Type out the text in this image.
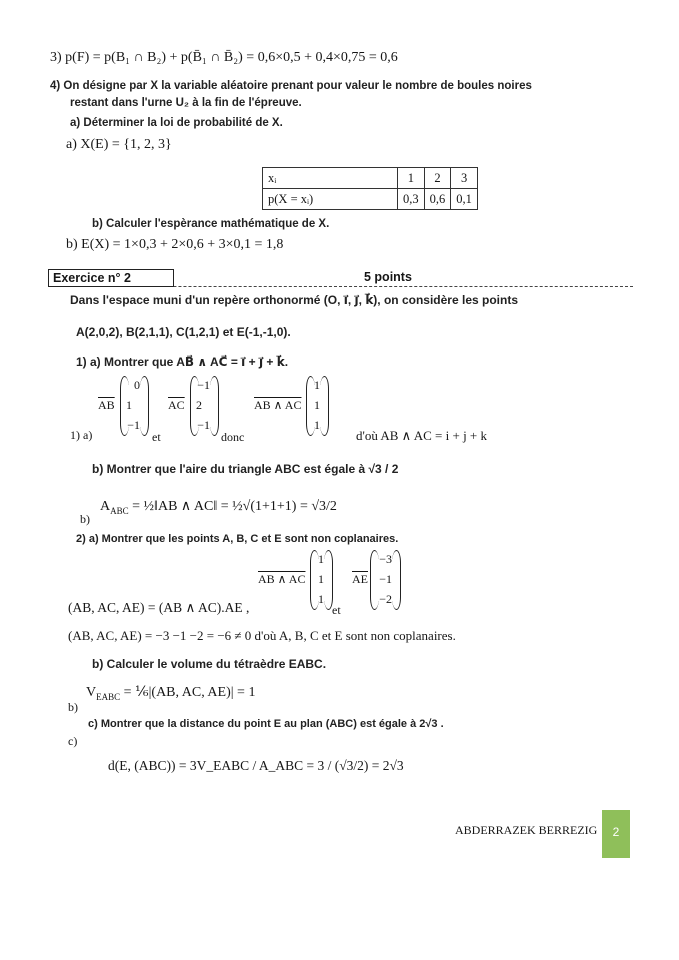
3) p(F) = p(B₁ ∩ B₂) + p(B̄₁ ∩ B̄₂) = 0,6×0,5 + 0,4×0,75 = 0,6
4) On désigne par X la variable aléatoire prenant pour valeur le nombre de boules noires
restant dans l'urne U₂ à la fin de l'épreuve.
a) Déterminer la loi de probabilité de X.
a) X(E) = {1, 2, 3}
xᵢ	1	2	3
p(X = xᵢ)	0,3	0,6	0,1
b) Calculer l'espèrance mathématique de X.
b) E(X) = 1×0,3 + 2×0,6 + 3×0,1 = 1,8
Exercice n° 2	5 points
Dans l'espace muni d'un repère orthonormé (O, i⃗, j⃗, k⃗), on considère les points
A(2,0,2), B(2,1,1), C(1,2,1) et E(-1,-1,0).
1) a) Montrer que AB⃗ ∧ AC⃗ = i⃗ + j⃗ + k⃗.
1) a)
$\overline{AB}$
0
1
−1
et
$\overline{AC}$
−1
2
−1
donc
AB ∧ AC
1
1
1
d'où AB ∧ AC = i + j + k
b) Montrer que l'aire du triangle ABC est égale à √3 / 2
b)
$A_{ABC}$ = ½‖AB ∧ AC‖ = ½√(1+1+1) = √3/2
2) a) Montrer que les points A, B, C et E sont non coplanaires.
AB ∧ AC
1
1
1
et
$\overline{AE}$
−3
−1
−2
(AB, AC, AE) = (AB ∧ AC).AE ,
(AB, AC, AE) = −3 −1 −2 = −6 ≠ 0 d'où A, B, C et E sont non coplanaires.
b) Calculer le volume du tétraèdre EABC.
b)
$V_{EABC}$ = ⅙|(AB, AC, AE)| = 1
c) Montrer que la distance du point E au plan (ABC) est égale à 2√3 .
c)
d(E, (ABC)) = 3V_EABC / A_ABC = 3 / (√3/2) = 2√3
ABDERRAZEK BERREZIG	2
